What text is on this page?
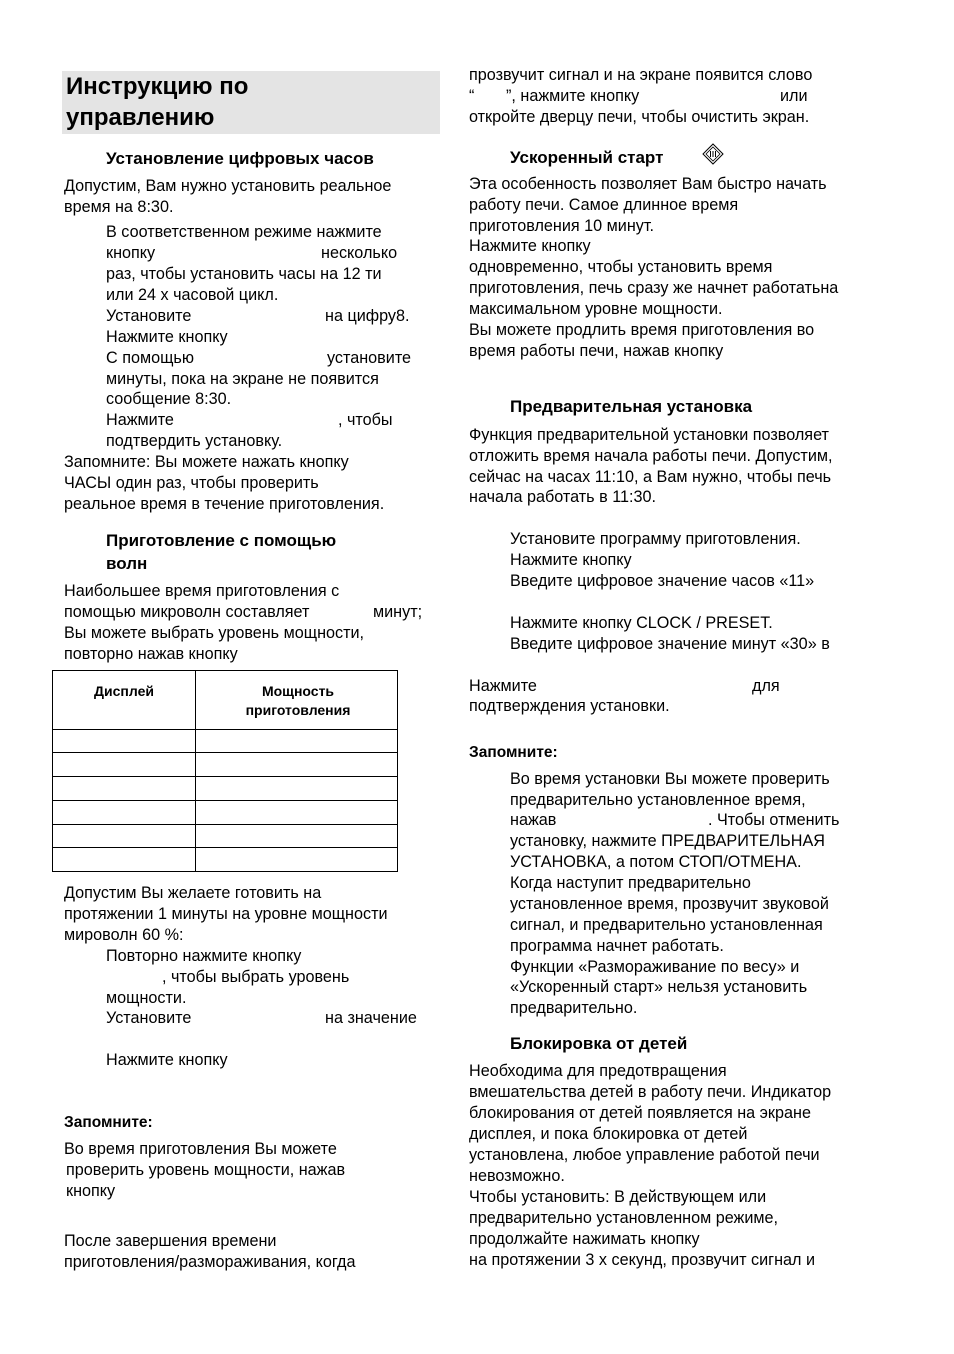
Инструкцию по
управлению
Установление цифровых часов
Допустим, Вам нужно установить реальное
время на 8:30.
В соответственном режиме нажмите
кнопку	несколько
раз, чтобы установить часы на 12 ти
или 24 х часовой цикл.
Установите	на цифру8.
Нажмите кнопку
С помощью	установите
минуты, пока на экране не появится
сообщение 8:30.
Нажмите	, чтобы
подтвердить установку.
Запомните: Вы можете нажать кнопку
ЧАСЫ один раз, чтобы проверить
реальное время в течение приготовления.
Приготовление с помощью
волн
Наибольшее время приготовления с
помощью микроволн составляет	минут;
Вы можете выбрать уровень мощности,
повторно нажав кнопку
Дисплей	Мощность приготовления
Допустим Вы желаете готовить на
протяжении 1 минуты на уровне мощности
мироволн 60 %:
Повторно нажмите кнопку
, чтобы выбрать уровень
мощности.
Установите	на значение
Нажмите кнопку
Запомните:
Во время приготовления Вы можете
проверить уровень мощности, нажав
кнопку
После завершения времени
приготовления/размораживания, когда
прозвучит сигнал и на экране появится слово
“ ”, нажмите кнопку	или
откройте дверцу печи, чтобы очистить экран.
Ускоренный старт
Эта особенность позволяет Вам быстро начать
работу печи. Самое длинное время
приготовления 10 минут.
Нажмите кнопку
одновременно, чтобы установить время
приготовления, печь сразу же начнет работатьна
максимальном уровне мощности.
Вы можете продлить время приготовления во
время работы печи, нажав кнопку
Предварительная установка
Функция предварительной установки позволяет
отложить время начала работы печи. Допустим,
сейчас на часах 11:10, а Вам нужно, чтобы печь
начала работать в 11:30.
Установите программу приготовления.
Нажмите кнопку
Введите цифровое значение часов «11»
Нажмите кнопку CLOCK / PRESET.
Введите цифровое значение минут «30» в
Нажмите	для
подтверждения установки.
Запомните:
Во время установки Вы можете проверить
предварительно установленное время,
нажав	. Чтобы отменить
установку, нажмите ПРЕДВАРИТЕЛЬНАЯ
УСТАНОВКА, а потом СТОП/ОТМЕНА.
Когда наступит предварительно
установленное время, прозвучит звуковой
сигнал, и предварительно установленная
программа начнет работать.
Функции «Размораживание по весу» и
«Ускоренный старт» нельзя установить
предварительно.
Блокировка от детей
Необходима для предотвращения
вмешательства детей в работу печи. Индикатор
блокирования от детей появляется на экране
дисплея, и пока блокировка от детей
установлена, любое управление работой печи
невозможно.
Чтобы установить: В действующем или
предварительно установленном режиме,
продолжайте нажимать кнопку
на протяжении 3 х секунд, прозвучит сигнал и
